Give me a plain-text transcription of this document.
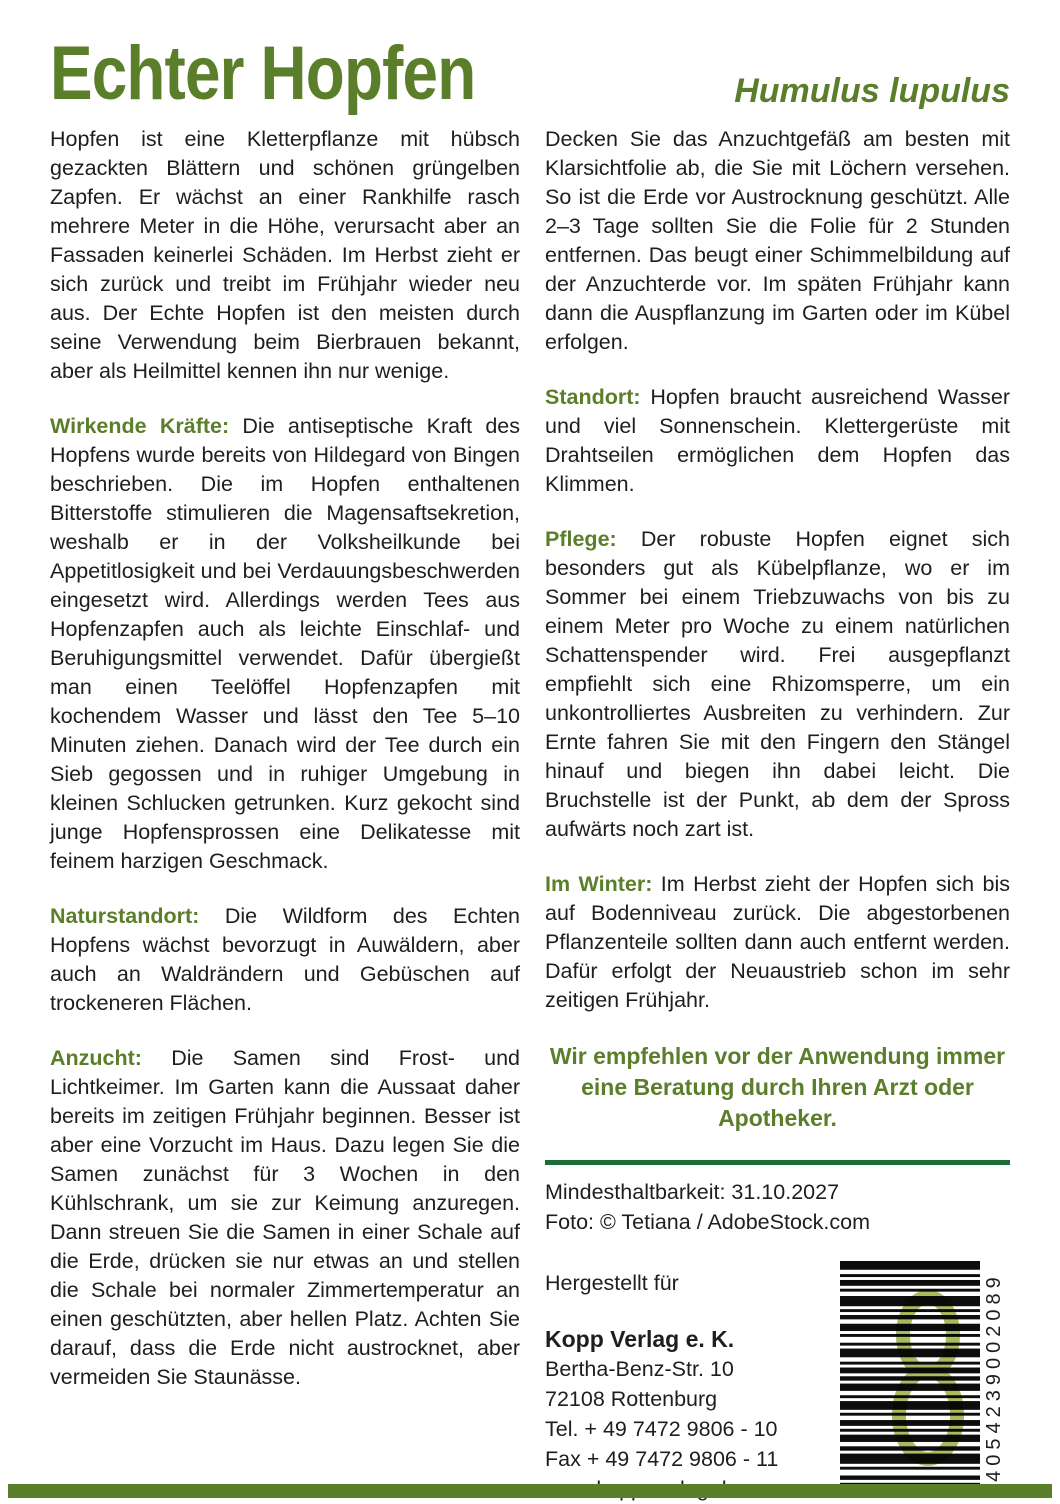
Echter Hopfen	Humulus lupulus

Hopfen ist eine Kletterpflanze mit hübsch gezackten Blättern und schönen grüngelben Zapfen. Er wächst an einer Rankhilfe rasch mehrere Meter in die Höhe, verursacht aber an Fassaden keinerlei Schäden. Im Herbst zieht er sich zurück und treibt im Frühjahr wieder neu aus. Der Echte Hopfen ist den meisten durch seine Verwendung beim Bierbrauen bekannt, aber als Heilmittel kennen ihn nur wenige.

Wirkende Kräfte: Die antiseptische Kraft des Hopfens wurde bereits von Hildegard von Bingen beschrieben. Die im Hopfen enthaltenen Bitterstoffe stimulieren die Magensaftsekretion, weshalb er in der Volksheilkunde bei Appetitlosigkeit und bei Verdauungsbeschwerden eingesetzt wird. Allerdings werden Tees aus Hopfenzapfen auch als leichte Einschlaf- und Beruhigungsmittel verwendet. Dafür übergießt man einen Teelöffel Hopfenzapfen mit kochendem Wasser und lässt den Tee 5–10 Minuten ziehen. Danach wird der Tee durch ein Sieb gegossen und in ruhiger Umgebung in kleinen Schlucken getrunken. Kurz gekocht sind junge Hopfensprossen eine Delikatesse mit feinem harzigen Geschmack.

Naturstandort: Die Wildform des Echten Hopfens wächst bevorzugt in Auwäldern, aber auch an Waldrändern und Gebüschen auf trockeneren Flächen.

Anzucht: Die Samen sind Frost- und Lichtkeimer. Im Garten kann die Aussaat daher bereits im zeitigen Frühjahr beginnen. Besser ist aber eine Vorzucht im Haus. Dazu legen Sie die Samen zunächst für 3 Wochen in den Kühlschrank, um sie zur Keimung anzuregen. Dann streuen Sie die Samen in einer Schale auf die Erde, drücken sie nur etwas an und stellen die Schale bei normaler Zimmertemperatur an einen geschützten, aber hellen Platz. Achten Sie darauf, dass die Erde nicht austrocknet, aber vermeiden Sie Staunässe.

Decken Sie das Anzuchtgefäß am besten mit Klarsichtfolie ab, die Sie mit Löchern versehen. So ist die Erde vor Austrocknung geschützt. Alle 2–3 Tage sollten Sie die Folie für 2 Stunden entfernen. Das beugt einer Schimmelbildung auf der Anzuchterde vor. Im späten Frühjahr kann dann die Auspflanzung im Garten oder im Kübel erfolgen.

Standort: Hopfen braucht ausreichend Wasser und viel Sonnenschein. Klettergerüste mit Drahtseilen ermöglichen dem Hopfen das Klimmen.

Pflege: Der robuste Hopfen eignet sich besonders gut als Kübelpflanze, wo er im Sommer bei einem Triebzuwachs von bis zu einem Meter pro Woche zu einem natürlichen Schattenspender wird. Frei ausgepflanzt empfiehlt sich eine Rhizomsperre, um ein unkontrolliertes Ausbreiten zu verhindern. Zur Ernte fahren Sie mit den Fingern den Stängel hinauf und biegen ihn dabei leicht. Die Bruchstelle ist der Punkt, ab dem der Spross aufwärts noch zart ist.

Im Winter: Im Herbst zieht der Hopfen sich bis auf Bodenniveau zurück. Die abgestorbenen Pflanzenteile sollten dann auch entfernt werden. Dafür erfolgt der Neuaustrieb schon im sehr zeitigen Frühjahr.

Wir empfehlen vor der Anwendung immer eine Beratung durch Ihren Arzt oder Apotheker.

Mindesthaltbarkeit: 31.10.2027
Foto: © Tetiana / AdobeStock.com
Hergestellt für
Kopp Verlag e. K.
Bertha-Benz-Str. 10
72108 Rottenburg
Tel. + 49 7472 9806 - 10
Fax + 49 7472 9806 - 11	4054239002089
